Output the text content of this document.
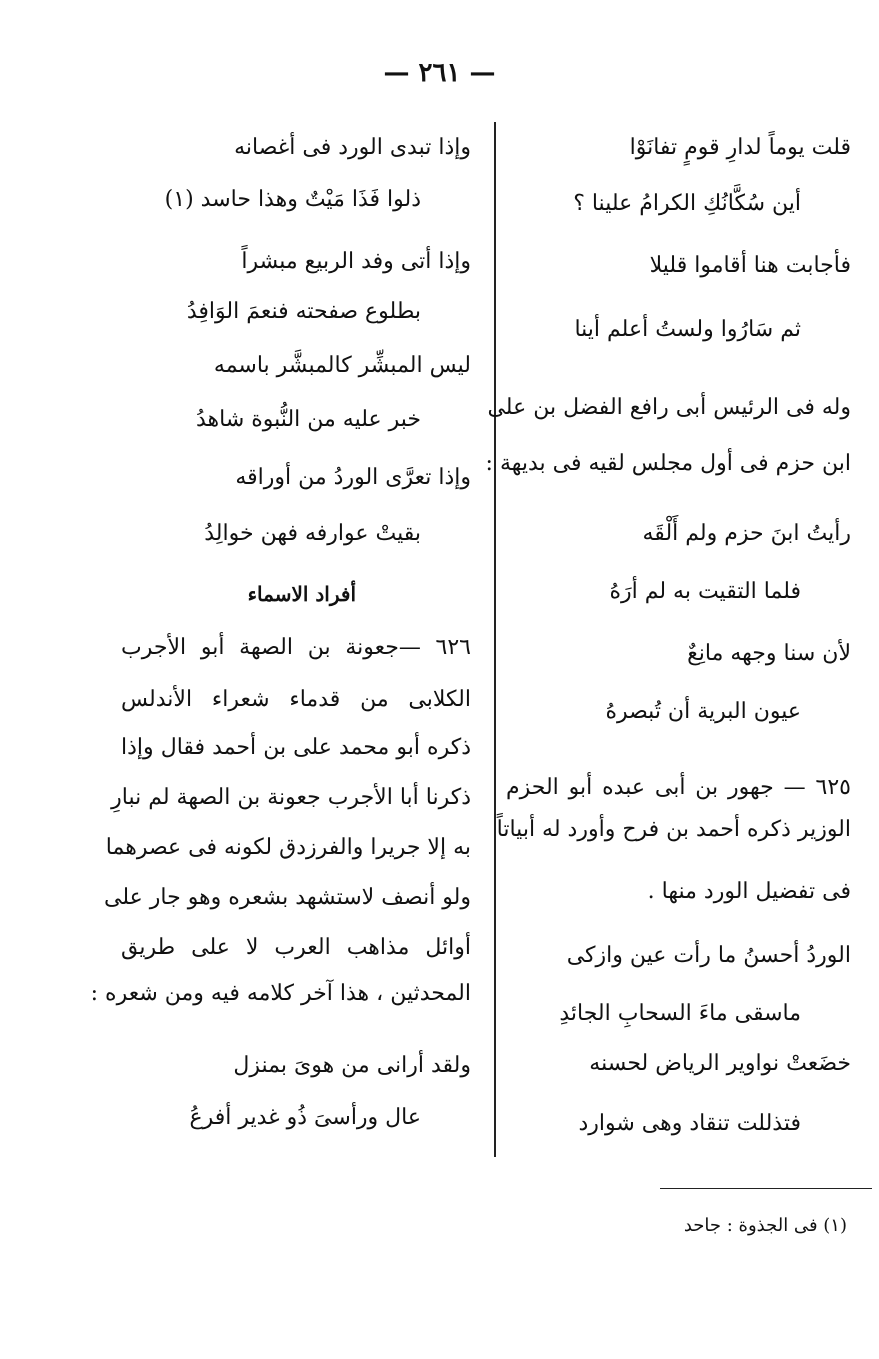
— ٢٦١ —
قلت يوماً لدارِ قومٍ تفانَوْا
أين سُكَّانُكِ الكرامُ علينا ؟
فأجابت هنا أقاموا قليلا
ثم سَارُوا ولستُ أعلم أينا
وله فى الرئيس أبى رافع الفضل بن على
ابن حزم فى أول مجلس لقيه فى بديهة :
رأيتُ ابنَ حزم ولم أَلْقَه
فلما التقيت به لم أرَهُ
لأن سنا وجهه مانِعٌ
عيون البرية أن تُبصرهُ
٦٢٥ — جهور بن أبى عبده أبو الحزم
الوزير ذكره أحمد بن فرح وأورد له أبياتاً
فى تفضيل الورد منها .
الوردُ أحسنُ ما رأت عين وازكى
ماسقى ماءَ السحابِ الجائدِ
خضَعتْ نواوير الرياض لحسنه
فتذللت تنقاد وهى شوارد
وإذا تبدى الورد فى أغصانه
ذلوا فَذَا مَيْتٌ وهذا حاسد (١)
وإذا أتى وفد الربيع مبشراً
بطلوع صفحته فنعمَ الوَافِدُ
ليس المبشِّر كالمبشَّر باسمه
خبر عليه من النُّبوة شاهدُ
وإذا تعرَّى الوردُ من أوراقه
بقيتْ عوارفه فهن خوالِدُ
أفراد الاسماء
٦٢٦ —جعونة بن الصهة أبو الأجرب
الكلابى من قدماء شعراء الأندلس
ذكره أبو محمد على بن أحمد فقال وإذا
ذكرنا أبا الأجرب جعونة بن الصهة لم نبارِ
به إلا جريرا والفرزدق لكونه فى عصرهما
ولو أنصف لاستشهد بشعره وهو جار على
أوائل مذاهب العرب لا على طريق
المحدثين ، هذا آخر كلامه فيه ومن شعره :
ولقد أرانى من هوىَ بمنزل
عال ورأسىَ ذُو غدير أفرعُ
(١) فى الجذوة : جاحد
